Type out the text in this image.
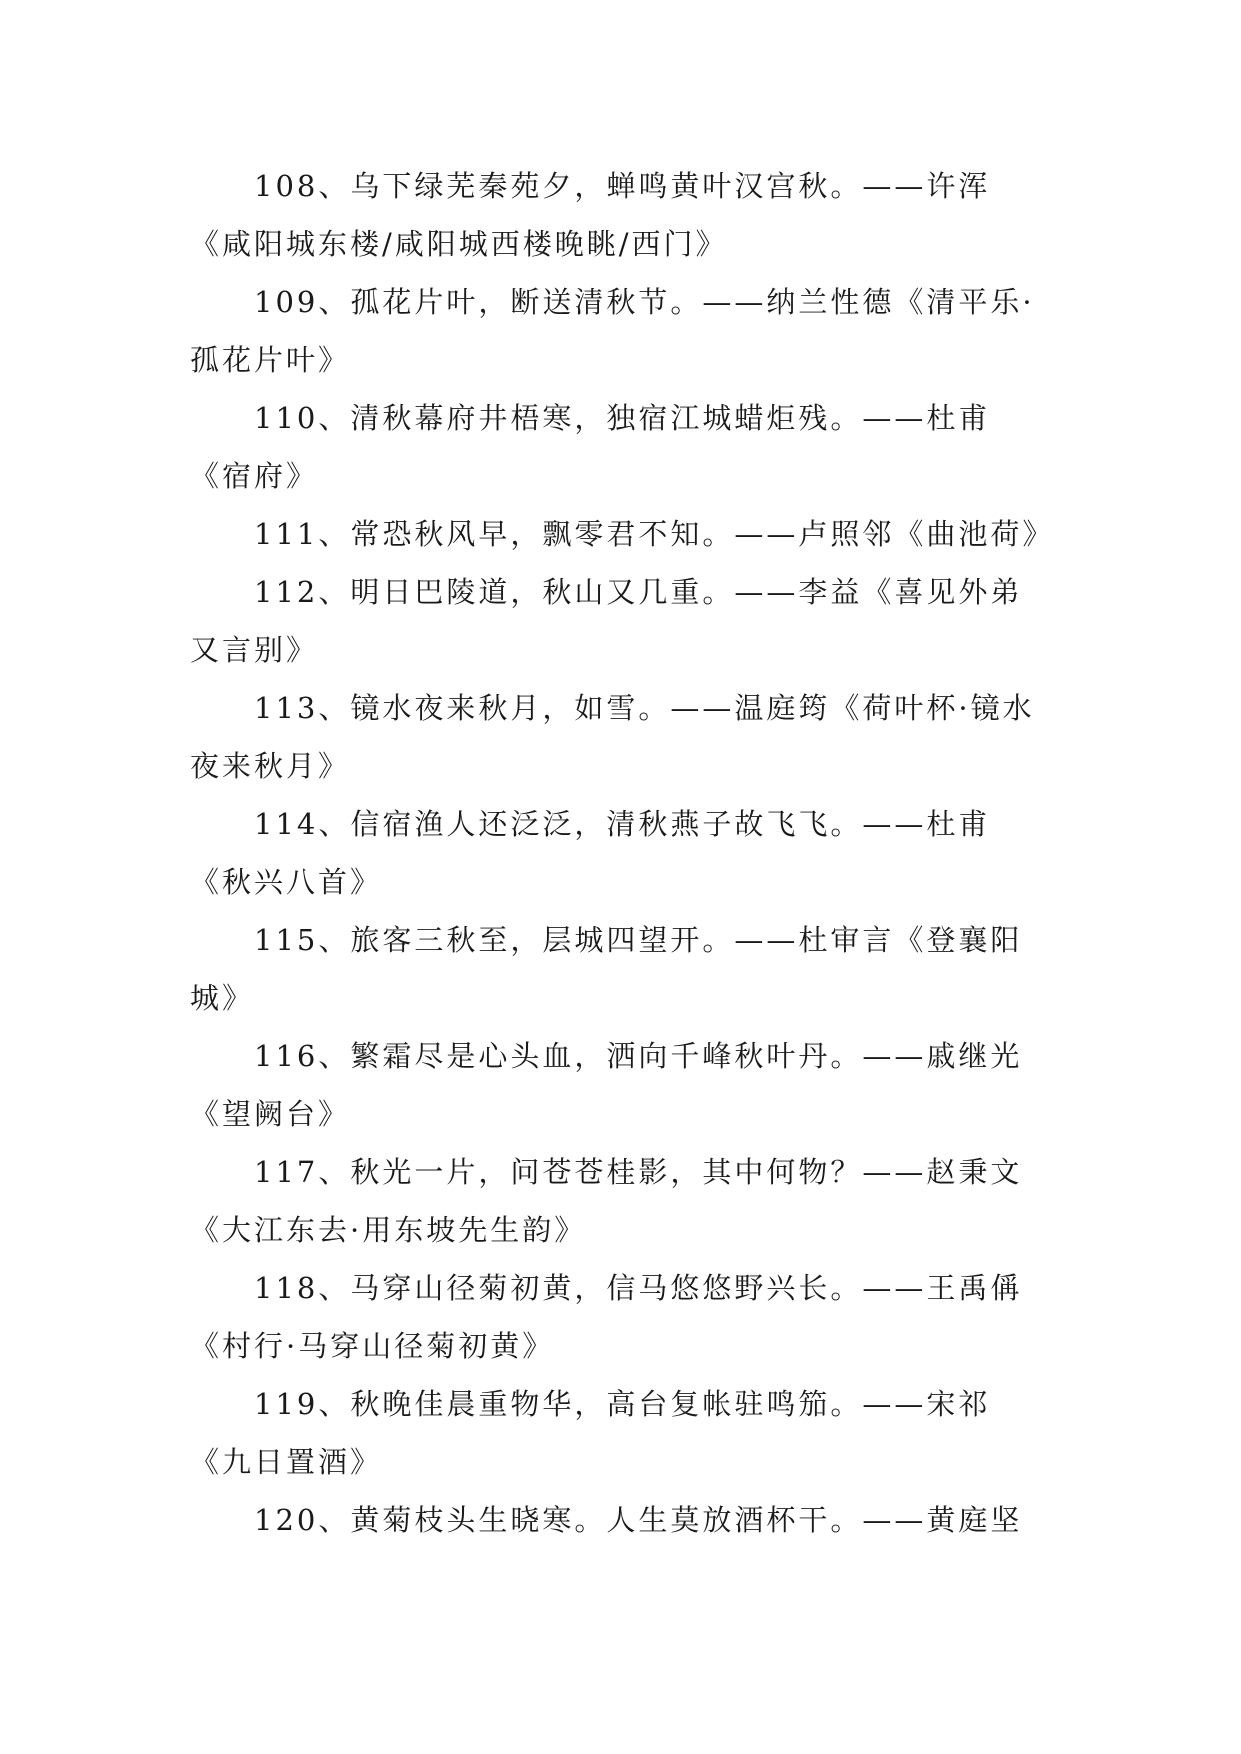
108、乌下绿芜秦苑夕，蝉鸣黄叶汉宫秋。——许浑《咸阳城东楼/咸阳城西楼晚眺/西门》

109、孤花片叶，断送清秋节。——纳兰性德《清平乐·孤花片叶》

110、清秋幕府井梧寒，独宿江城蜡炬残。——杜甫《宿府》

111、常恐秋风早，飘零君不知。——卢照邻《曲池荷》

112、明日巴陵道，秋山又几重。——李益《喜见外弟又言别》

113、镜水夜来秋月，如雪。——温庭筠《荷叶杯·镜水夜来秋月》

114、信宿渔人还泛泛，清秋燕子故飞飞。——杜甫《秋兴八首》

115、旅客三秋至，层城四望开。——杜审言《登襄阳城》

116、繁霜尽是心头血，洒向千峰秋叶丹。——戚继光《望阙台》

117、秋光一片，问苍苍桂影，其中何物？——赵秉文《大江东去·用东坡先生韵》

118、马穿山径菊初黄，信马悠悠野兴长。——王禹偁《村行·马穿山径菊初黄》

119、秋晚佳晨重物华，高台复帐驻鸣笳。——宋祁《九日置酒》

120、黄菊枝头生晓寒。人生莫放酒杯干。——黄庭坚
